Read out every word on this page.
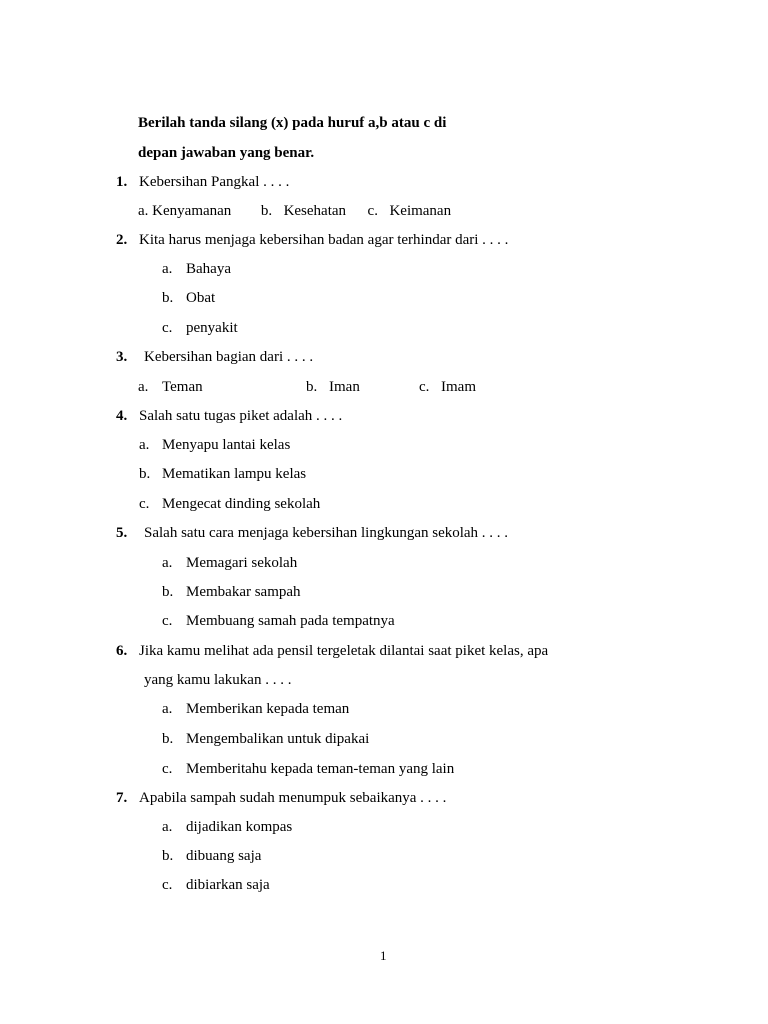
Berilah tanda silang (x) pada huruf a,b atau c di
depan jawaban yang benar.
1. Kebersihan Pangkal . . . .
a. Kenyamanan b. Kesehatan c. Keimanan
2. Kita harus menjaga kebersihan badan agar terhindar dari . . . .
a. Bahaya
b. Obat
c. penyakit
3. Kebersihan bagian dari . . . .
a. Teman	b. Iman	c. Imam
4. Salah satu tugas piket adalah . . . .
a. Menyapu lantai kelas
b. Mematikan lampu kelas
c. Mengecat dinding sekolah
5. Salah satu cara menjaga kebersihan lingkungan sekolah . . . .
a. Memagari sekolah
b. Membakar sampah
c. Membuang samah pada tempatnya
6. Jika kamu melihat ada pensil tergeletak dilantai saat piket kelas, apa
yang kamu lakukan . . . .
a. Memberikan kepada teman
b. Mengembalikan untuk dipakai
c. Memberitahu kepada teman-teman yang lain
7. Apabila sampah sudah menumpuk sebaikanya . . . .
a. dijadikan kompas
b. dibuang saja
c. dibiarkan saja
1
